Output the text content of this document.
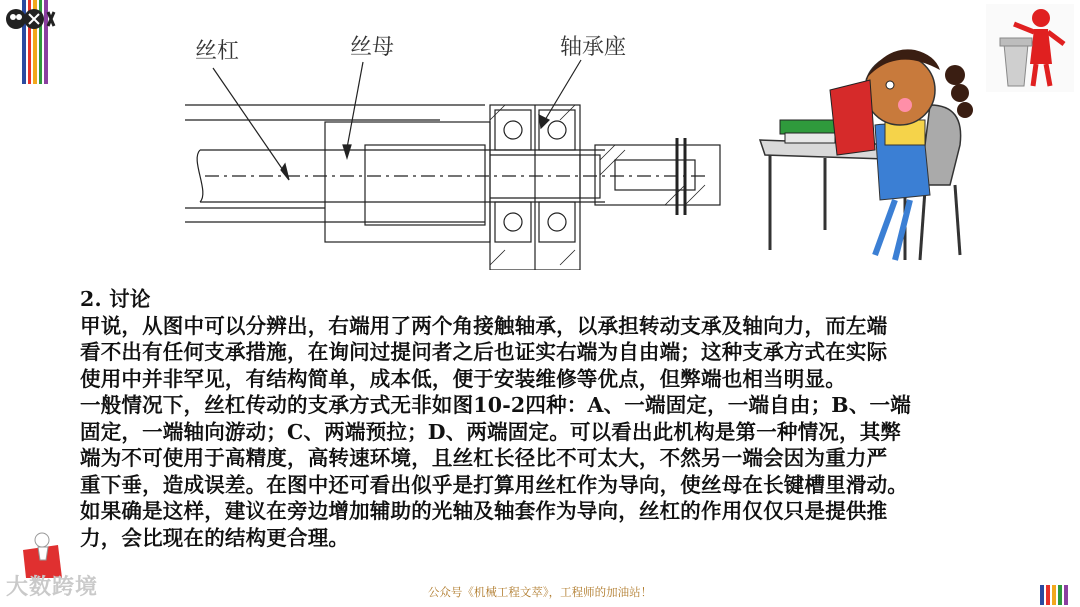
丝杠	丝母	轴承座

2. 讨论

甲说，从图中可以分辨出，右端用了两个角接触轴承，以承担转动支承及轴向力，而左端

看不出有任何支承措施，在询问过提问者之后也证实右端为自由端；这种支承方式在实际

使用中并非罕见，有结构简单，成本低，便于安装维修等优点，但弊端也相当明显。

一般情况下，丝杠传动的支承方式无非如图10-2四种：A、一端固定，一端自由；B、一端

固定，一端轴向游动；C、两端预拉；D、两端固定。可以看出此机构是第一种情况，其弊

端为不可使用于高精度，高转速环境，且丝杠长径比不可太大，不然另一端会因为重力严

重下垂，造成误差。在图中还可看出似乎是打算用丝杠作为导向，使丝母在长键槽里滑动。

如果确是这样，建议在旁边增加辅助的光轴及轴套作为导向，丝杠的作用仅仅只是提供推

力，会比现在的结构更合理。

大数跨境	公众号《机械工程文萃》，工程师的加油站！
